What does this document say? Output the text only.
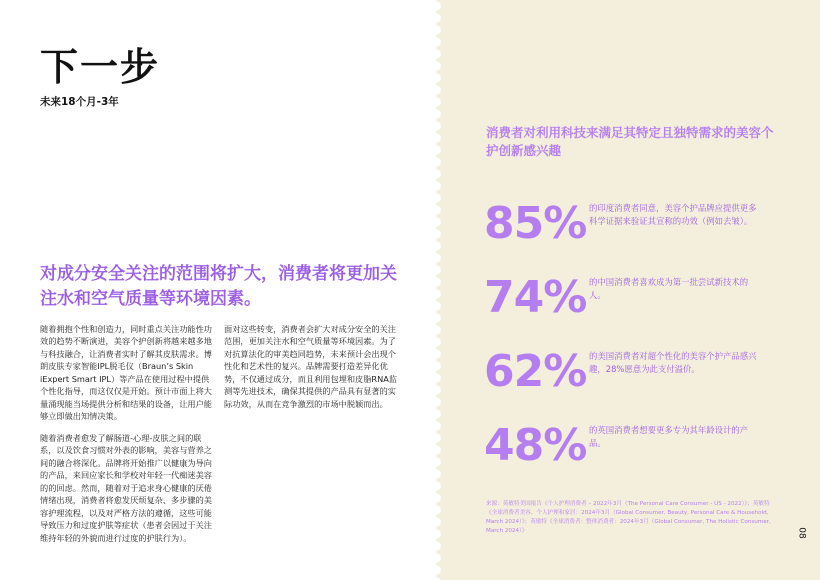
下一步
未来18个月-3年
对成分安全关注的范围将扩大，消费者将更加关注水和空气质量等环境因素。

随着拥抱个性和创造力，同时重点关注功能性功效的趋势不断演进，美容个护创新将越来越多地与科技融合，让消费者实时了解其皮肤需求。博朗皮肤专家智能IPL脱毛仪（Braun’s Skin iExpert Smart IPL）等产品在使用过程中提供个性化指导，而这仅仅是开始。预计市面上将大量涌现能当场提供分析和结果的设备，让用户能够立即做出知情决策。

随着消费者愈发了解肠道-心理-皮肤之间的联系，以及饮食习惯对外表的影响，美容与营养之间的融合将深化。品牌将开始推广以健康为导向的产品，来回应家长和学校对年轻一代痴迷美容的的回虑。然而，随着对于追求身心健康的厌倦情绪出现，消费者将愈发厌烦复杂、多步骤的美容护理流程，以及对严格方法的遵循，这些可能导致压力和过度护肤等症状（患者会因过于关注维持年轻的外貌而进行过度的护肤行为）。

面对这些转变，消费者会扩大对成分安全的关注范围，更加关注水和空气质量等环境因素。为了对抗算法化的审美趋同趋势，未来预计会出现个性化和艺术性的复兴。品牌需要打造差异化优势，不仅通过成分，而且利用包埋和皮脂RNA监测等先进技术，确保其提供的产品具有显著的实际功效，从而在竞争激烈的市场中脱颖而出。

消费者对利用科技来满足其特定且独特需求的美容个护创新感兴趣
85% 的印度消费者同意，美容个护品牌应提供更多科学证据来验证其宣称的功效（例如去皱）。
74% 的中国消费者喜欢成为第一批尝试新技术的人。
62% 的美国消费者对超个性化的美容个护产品感兴趣，28%愿意为此支付溢价。
48% 的英国消费者想要更多专为其年龄设计的产品。
来源：英敏特美国报告《个人护理消费者 – 2022年3月（The Personal Care Consumer - US - 2022）》；英敏特《全球消费者美容、个人护理和家居：2024年3月（Global Consumer, Beauty, Personal Care & Household, March 2024）》；英敏特《全球消费者：整体消费者：2024年3月（Global Consumer, The Holistic Consumer, March 2024）》	08
